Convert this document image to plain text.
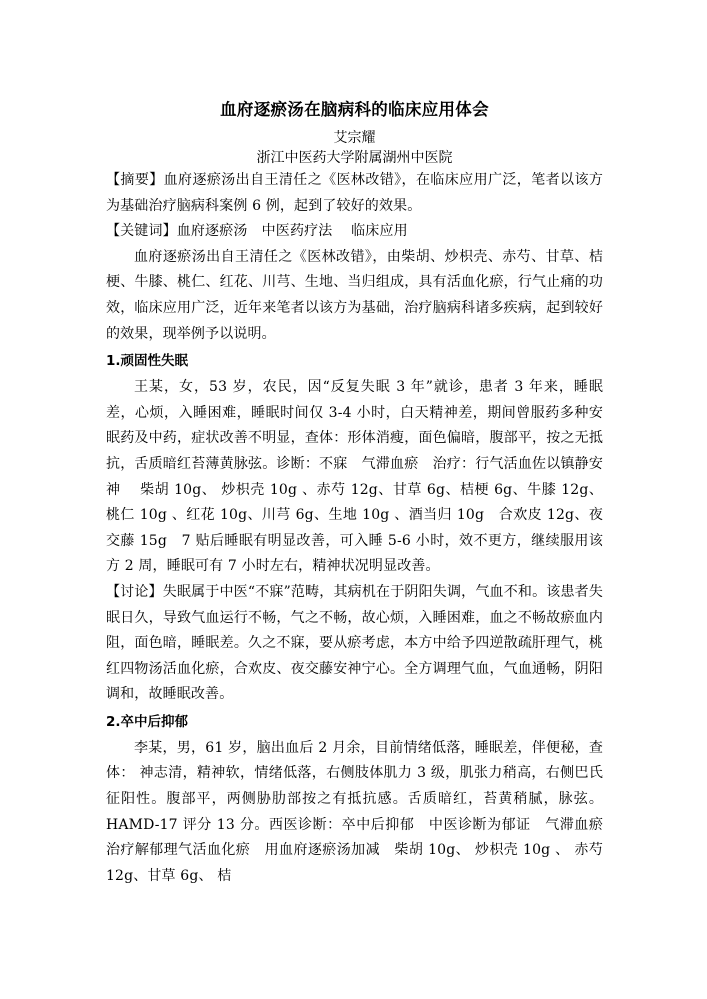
血府逐瘀汤在脑病科的临床应用体会

艾宗耀

浙江中医药大学附属湖州中医院

【摘要】血府逐瘀汤出自王清任之《医林改错》，在临床应用广泛，笔者以该方为基础治疗脑病科案例 6 例，起到了较好的效果。

【关键词】血府逐瘀汤　中医药疗法　 临床应用

血府逐瘀汤出自王清任之《医林改错》，由柴胡、炒枳壳、赤芍、甘草、桔梗、牛膝、桃仁、红花、川芎、生地、当归组成，具有活血化瘀，行气止痛的功效，临床应用广泛，近年来笔者以该方为基础，治疗脑病科诸多疾病，起到较好的效果，现举例予以说明。

1.顽固性失眠

王某，女，53 岁，农民，因“反复失眠 3 年”就诊，患者 3 年来，睡眠差，心烦，入睡困难，睡眠时间仅 3-4 小时，白天精神差，期间曾服药多种安眠药及中药，症状改善不明显，查体：形体消瘦，面色偏暗，腹部平，按之无抵抗，舌质暗红苔薄黄脉弦。诊断：不寐　气滞血瘀　治疗：行气活血佐以镇静安神　 柴胡 10g、 炒枳壳 10g 、赤芍 12g、甘草 6g、桔梗 6g、牛膝 12g、桃仁 10g 、红花 10g、川芎 6g、生地 10g 、酒当归 10g　合欢皮 12g、夜交藤 15g　7 贴后睡眠有明显改善，可入睡 5-6 小时，效不更方，继续服用该方 2 周，睡眠可有 7 小时左右，精神状况明显改善。

【讨论】失眠属于中医“不寐”范畴，其病机在于阴阳失调，气血不和。该患者失眠日久，导致气血运行不畅，气之不畅，故心烦，入睡困难，血之不畅故瘀血内阻，面色暗，睡眠差。久之不寐，要从瘀考虑，本方中给予四逆散疏肝理气，桃红四物汤活血化瘀，合欢皮、夜交藤安神宁心。全方调理气血，气血通畅，阴阳调和，故睡眠改善。

2.卒中后抑郁

李某，男，61 岁，脑出血后 2 月余，目前情绪低落，睡眠差，伴便秘，查体： 神志清，精神软，情绪低落，右侧肢体肌力 3 级，肌张力稍高，右侧巴氏征阳性。腹部平，两侧胁肋部按之有抵抗感。舌质暗红，苔黄稍腻，脉弦。HAMD-17 评分 13 分。西医诊断：卒中后抑郁　中医诊断为郁证　气滞血瘀　治疗解郁理气活血化瘀　用血府逐瘀汤加减　柴胡 10g、 炒枳壳 10g 、 赤芍 12g、甘草 6g、 桔
